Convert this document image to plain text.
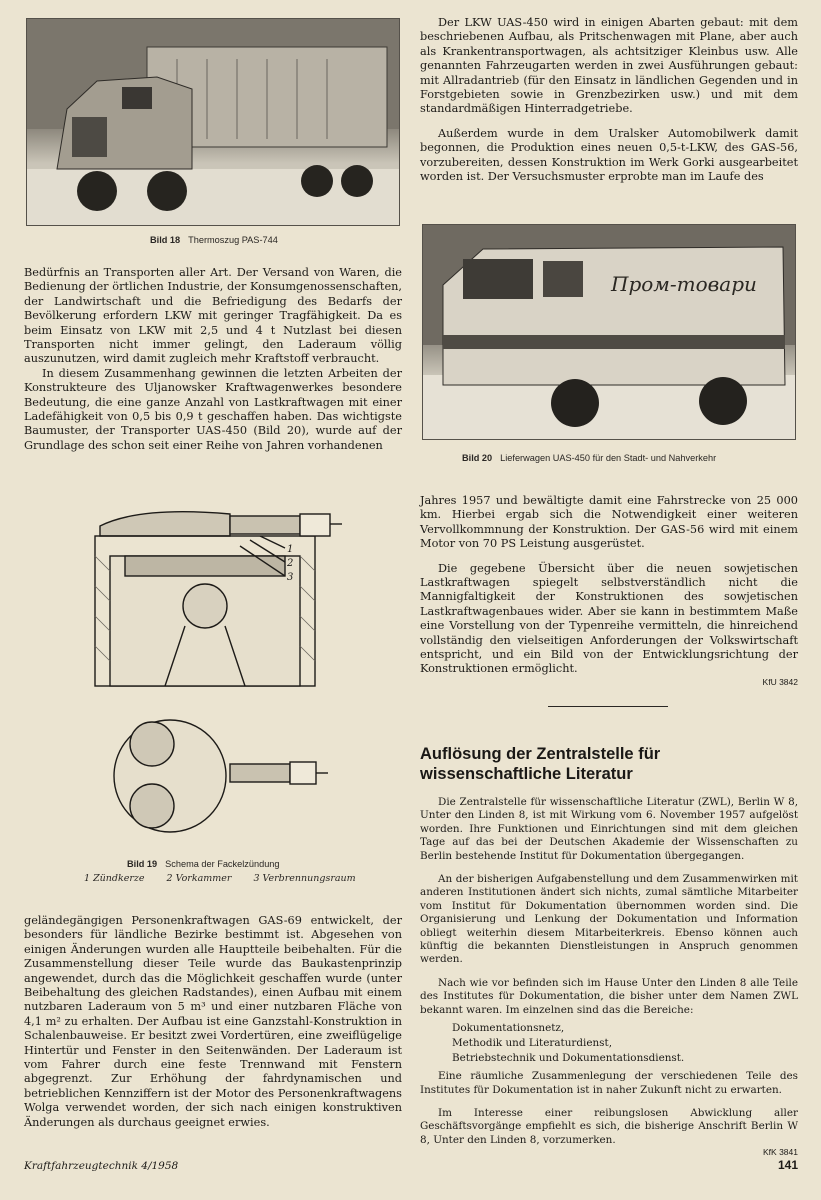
Bild 18 Thermoszug PAS-744

Bedürfnis an Transporten aller Art. Der Versand von Waren, die Bedienung der örtlichen Industrie, der Konsumgenossenschaften, der Landwirtschaft und die Befriedigung des Bedarfs der Bevölkerung erfordern LKW mit geringer Tragfähigkeit. Da es beim Einsatz von LKW mit 2,5 und 4 t Nutzlast bei diesen Transporten nicht immer gelingt, den Laderaum völlig auszunutzen, wird damit zugleich mehr Kraftstoff verbraucht.

In diesem Zusammenhang gewinnen die letzten Arbeiten der Konstrukteure des Uljanowsker Kraftwagenwerkes besondere Bedeutung, die eine ganze Anzahl von Lastkraftwagen mit einer Ladefähigkeit von 0,5 bis 0,9 t geschaffen haben. Das wichtigste Baumuster, der Transporter UAS-450 (Bild 20), wurde auf der Grundlage des schon seit einer Reihe von Jahren vorhandenen

1
2
3
Bild 19 Schema der Fackelzündung
1 Zündkerze 2 Vorkammer 3 Verbrennungsraum

geländegängigen Personenkraftwagen GAS-69 entwickelt, der besonders für ländliche Bezirke bestimmt ist. Abgesehen von einigen Änderungen wurden alle Hauptteile beibehalten. Für die Zusammenstellung dieser Teile wurde das Baukastenprinzip angewendet, durch das die Möglichkeit geschaffen wurde (unter Beibehaltung des gleichen Radstandes), einen Aufbau mit einem nutzbaren Laderaum von 5 m³ und einer nutzbaren Fläche von 4,1 m² zu erhalten. Der Aufbau ist eine Ganzstahl-Konstruktion in Schalenbauweise. Er besitzt zwei Vordertüren, eine zweiflügelige Hintertür und Fenster in den Seitenwänden. Der Laderaum ist vom Fahrer durch eine feste Trennwand mit Fenstern abgegrenzt. Zur Erhöhung der fahrdynamischen und betrieblichen Kennziffern ist der Motor des Personenkraftwagens Wolga verwendet worden, der sich nach einigen konstruktiven Änderungen als durchaus geeignet erwies.

Der LKW UAS-450 wird in einigen Abarten gebaut: mit dem beschriebenen Aufbau, als Pritschenwagen mit Plane, aber auch als Krankentransportwagen, als achtsitziger Kleinbus usw. Alle genannten Fahrzeugarten werden in zwei Ausführungen gebaut: mit Allradantrieb (für den Einsatz in ländlichen Gegenden und in Forstgebieten sowie in Grenzbezirken usw.) und mit dem standardmäßigen Hinterradgetriebe.

Außerdem wurde in dem Uralsker Automobilwerk damit begonnen, die Produktion eines neuen 0,5-t-LKW, des GAS-56, vorzubereiten, dessen Konstruktion im Werk Gorki ausgearbeitet worden ist. Der Versuchsmuster erprobte man im Laufe des

Пром-товари
Bild 20 Lieferwagen UAS-450 für den Stadt- und Nahverkehr

Jahres 1957 und bewältigte damit eine Fahrstrecke von 25 000 km. Hierbei ergab sich die Notwendigkeit einer weiteren Vervollkommnung der Konstruktion. Der GAS-56 wird mit einem Motor von 70 PS Leistung ausgerüstet.

Die gegebene Übersicht über die neuen sowjetischen Lastkraftwagen spiegelt selbstverständlich nicht die Mannigfaltigkeit der Konstruktionen des sowjetischen Lastkraftwagenbaues wider. Aber sie kann in bestimmtem Maße eine Vorstellung von der Typenreihe vermitteln, die hinreichend vollständig den vielseitigen Anforderungen der Volkswirtschaft entspricht, und ein Bild von der Entwicklungsrichtung der Konstruktionen ermöglicht.

KfU 3842
Auflösung der Zentralstelle für wissenschaftliche Literatur

Die Zentralstelle für wissenschaftliche Literatur (ZWL), Berlin W 8, Unter den Linden 8, ist mit Wirkung vom 6. November 1957 aufgelöst worden. Ihre Funktionen und Einrichtungen sind mit dem gleichen Tage auf das bei der Deutschen Akademie der Wissenschaften zu Berlin bestehende Institut für Dokumentation übergegangen.

An der bisherigen Aufgabenstellung und dem Zusammenwirken mit anderen Institutionen ändert sich nichts, zumal sämtliche Mitarbeiter vom Institut für Dokumentation übernommen worden sind. Die Organisierung und Lenkung der Dokumentation und Information obliegt weiterhin diesem Mitarbeiterkreis. Ebenso können auch künftig die bekannten Dienstleistungen in Anspruch genommen werden.

Nach wie vor befinden sich im Hause Unter den Linden 8 alle Teile des Institutes für Dokumentation, die bisher unter dem Namen ZWL bekannt waren. Im einzelnen sind das die Bereiche:

Dokumentationsnetz,
Methodik und Literaturdienst,
Betriebstechnik und Dokumentationsdienst.

Eine räumliche Zusammenlegung der verschiedenen Teile des Institutes für Dokumentation ist in naher Zukunft nicht zu erwarten.

Im Interesse einer reibungslosen Abwicklung aller Geschäftsvorgänge empfiehlt es sich, die bisherige Anschrift Berlin W 8, Unter den Linden 8, vorzumerken.

KfK 3841
Kraftfahrzeugtechnik 4/1958	141
